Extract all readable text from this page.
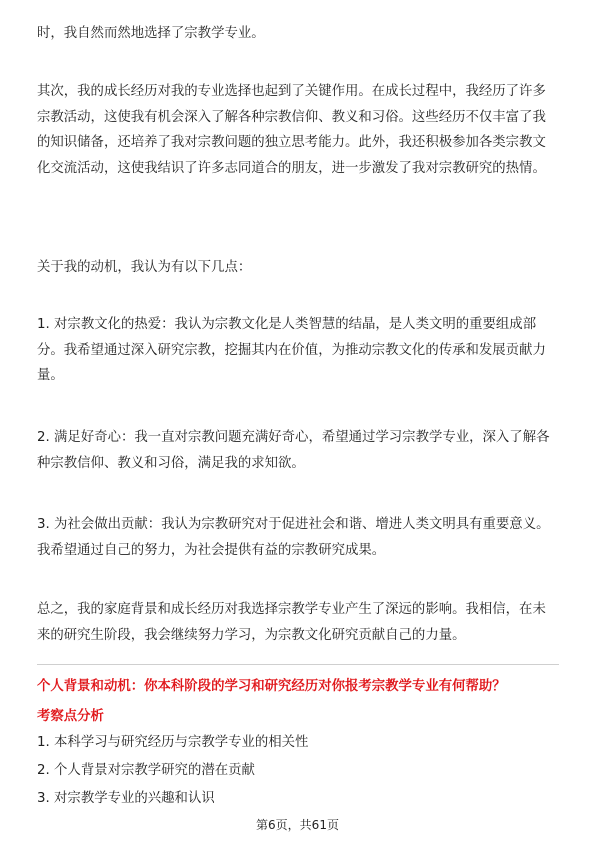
时，我自然而然地选择了宗教学专业。

其次，我的成长经历对我的专业选择也起到了关键作用。在成长过程中，我经历了许多宗教活动，这使我有机会深入了解各种宗教信仰、教义和习俗。这些经历不仅丰富了我的知识储备，还培养了我对宗教问题的独立思考能力。此外，我还积极参加各类宗教文化交流活动，这使我结识了许多志同道合的朋友，进一步激发了我对宗教研究的热情。

关于我的动机，我认为有以下几点：

1. 对宗教文化的热爱：我认为宗教文化是人类智慧的结晶，是人类文明的重要组成部分。我希望通过深入研究宗教，挖掘其内在价值，为推动宗教文化的传承和发展贡献力量。

2. 满足好奇心：我一直对宗教问题充满好奇心，希望通过学习宗教学专业，深入了解各种宗教信仰、教义和习俗，满足我的求知欲。

3. 为社会做出贡献：我认为宗教研究对于促进社会和谐、增进人类文明具有重要意义。我希望通过自己的努力，为社会提供有益的宗教研究成果。

总之，我的家庭背景和成长经历对我选择宗教学专业产生了深远的影响。我相信，在未来的研究生阶段，我会继续努力学习，为宗教文化研究贡献自己的力量。

个人背景和动机：你本科阶段的学习和研究经历对你报考宗教学专业有何帮助？
考察点分析
1. 本科学习与研究经历与宗教学专业的相关性
2. 个人背景对宗教学研究的潜在贡献
3. 对宗教学专业的兴趣和认识
第6页，共61页
